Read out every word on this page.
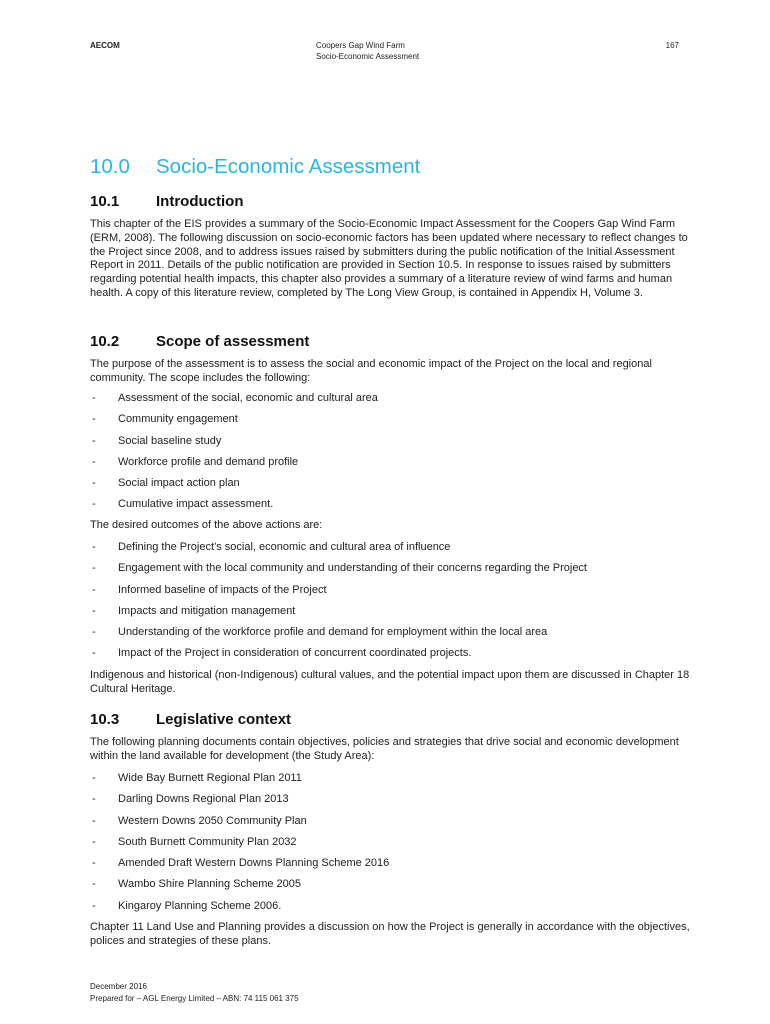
AECOM	Coopers Gap Wind Farm
Socio-Economic Assessment
167
10.0 Socio-Economic Assessment
10.1 Introduction
This chapter of the EIS provides a summary of the Socio-Economic Impact Assessment for the Coopers Gap Wind Farm (ERM, 2008). The following discussion on socio-economic factors has been updated where necessary to reflect changes to the Project since 2008, and to address issues raised by submitters during the public notification of the Initial Assessment Report in 2011. Details of the public notification are provided in Section 10.5. In response to issues raised by submitters regarding potential health impacts, this chapter also provides a summary of a literature review of wind farms and human health. A copy of this literature review, completed by The Long View Group, is contained in Appendix H, Volume 3.
10.2 Scope of assessment
The purpose of the assessment is to assess the social and economic impact of the Project on the local and regional community. The scope includes the following:
- Assessment of the social, economic and cultural area
- Community engagement
- Social baseline study
- Workforce profile and demand profile
- Social impact action plan
- Cumulative impact assessment.
The desired outcomes of the above actions are:
- Defining the Project’s social, economic and cultural area of influence
- Engagement with the local community and understanding of their concerns regarding the Project
- Informed baseline of impacts of the Project
- Impacts and mitigation management
- Understanding of the workforce profile and demand for employment within the local area
- Impact of the Project in consideration of concurrent coordinated projects.
Indigenous and historical (non-Indigenous) cultural values, and the potential impact upon them are discussed in Chapter 18 Cultural Heritage.
10.3 Legislative context
The following planning documents contain objectives, policies and strategies that drive social and economic development within the land available for development (the Study Area):
- Wide Bay Burnett Regional Plan 2011
- Darling Downs Regional Plan 2013
- Western Downs 2050 Community Plan
- South Burnett Community Plan 2032
- Amended Draft Western Downs Planning Scheme 2016
- Wambo Shire Planning Scheme 2005
- Kingaroy Planning Scheme 2006.
Chapter 11 Land Use and Planning provides a discussion on how the Project is generally in accordance with the objectives, polices and strategies of these plans.
December 2016
Prepared for – AGL Energy Limited – ABN: 74 115 061 375
